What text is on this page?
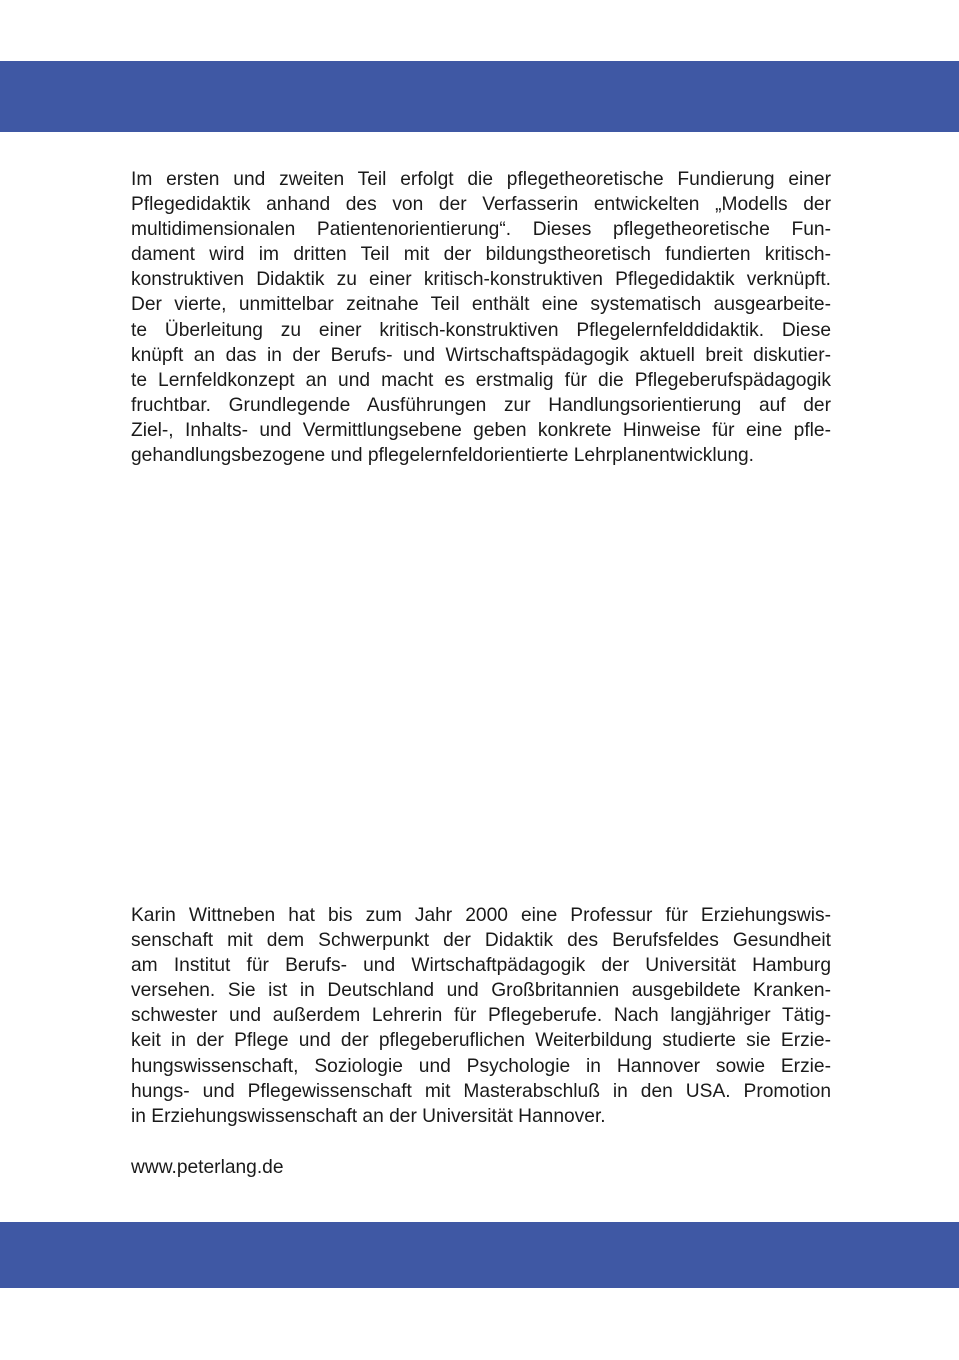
Im ersten und zweiten Teil erfolgt die pflegetheoretische Fundierung einer
Pflegedidaktik anhand des von der Verfasserin entwickelten „Modells der
multidimensionalen Patientenorientierung“. Dieses pflegetheoretische Fun-
dament wird im dritten Teil mit der bildungstheoretisch fundierten kritisch-
konstruktiven Didaktik zu einer kritisch-konstruktiven Pflegedidaktik verknüpft.
Der vierte, unmittelbar zeitnahe Teil enthält eine systematisch ausgearbeite-
te Überleitung zu einer kritisch-konstruktiven Pflegelernfelddidaktik. Diese
knüpft an das in der Berufs- und Wirtschaftspädagogik aktuell breit diskutier-
te Lernfeldkonzept an und macht es erstmalig für die Pflegeberufspädagogik
fruchtbar. Grundlegende Ausführungen zur Handlungsorientierung auf der
Ziel-, Inhalts- und Vermittlungsebene geben konkrete Hinweise für eine pfle-
gehandlungsbezogene und pflegelernfeldorientierte Lehrplanentwicklung.
Karin Wittneben hat bis zum Jahr 2000 eine Professur für Erziehungswis-
senschaft mit dem Schwerpunkt der Didaktik des Berufsfeldes Gesundheit
am Institut für Berufs- und Wirtschaftpädagogik der Universität Hamburg
versehen. Sie ist in Deutschland und Großbritannien ausgebildete Kranken-
schwester und außerdem Lehrerin für Pflegeberufe. Nach langjähriger Tätig-
keit in der Pflege und der pflegeberuflichen Weiterbildung studierte sie Erzie-
hungswissenschaft, Soziologie und Psychologie in Hannover sowie Erzie-
hungs- und Pflegewissenschaft mit Masterabschluß in den USA. Promotion
in Erziehungswissenschaft an der Universität Hannover.
www.peterlang.de
